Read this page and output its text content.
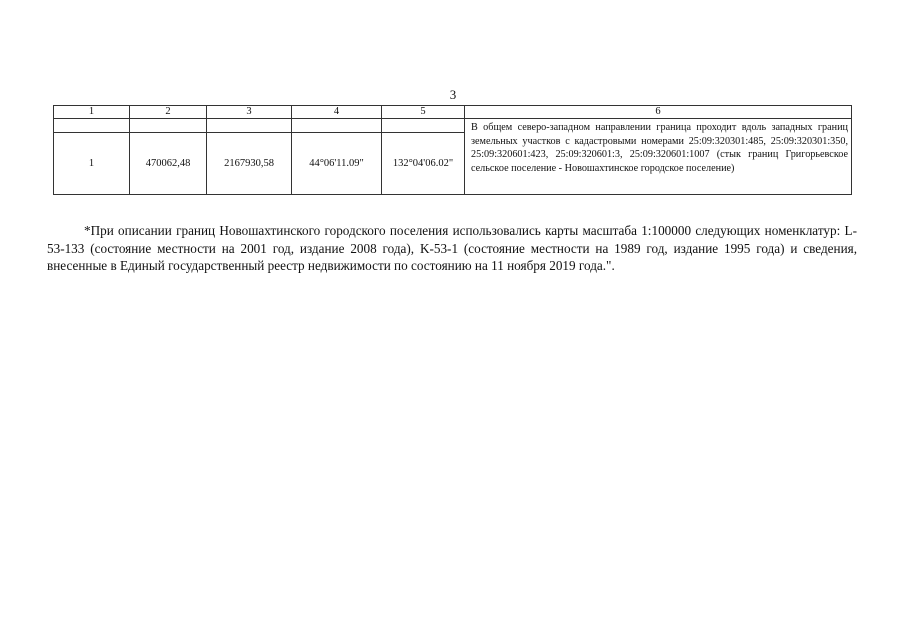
3
1	2	3	4	5	6
					В общем северо-западном направлении граница проходит вдоль западных границ земельных участков с кадастровыми номерами 25:09:320301:485, 25:09:320301:350, 25:09:320601:423, 25:09:320601:3, 25:09:320601:1007 (стык границ Григорьевское сельское поселение - Новошахтинское городское поселение)
1	470062,48	2167930,58	44°06'11.09"	132°04'06.02"	

*При описании границ Новошахтинского городского поселения использовались карты масштаба 1:100000 следующих номенклатур: L-53-133 (состояние местности на 2001 год, издание 2008 года), K-53-1 (состояние местности на 1989 год, издание 1995 года) и сведения, внесенные в Единый государственный реестр недвижимости по состоянию на 11 ноября 2019 года.".
